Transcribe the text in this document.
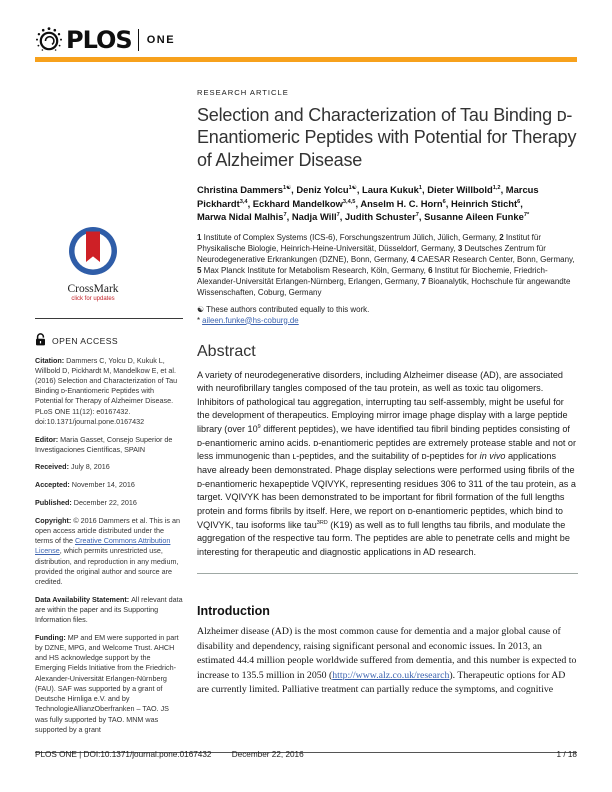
PLOS ONE
CrossMark
click for updates
OPEN ACCESS

Citation: Dammers C, Yolcu D, Kukuk L, Willbold D, Pickhardt M, Mandelkow E, et al. (2016) Selection and Characterization of Tau Binding ᴅ-Enantiomeric Peptides with Potential for Therapy of Alzheimer Disease. PLoS ONE 11(12): e0167432. doi:10.1371/journal.pone.0167432

Editor: Maria Gasset, Consejo Superior de Investigaciones Científicas, SPAIN

Received: July 8, 2016

Accepted: November 14, 2016

Published: December 22, 2016

Copyright: © 2016 Dammers et al. This is an open access article distributed under the terms of the Creative Commons Attribution License, which permits unrestricted use, distribution, and reproduction in any medium, provided the original author and source are credited.

Data Availability Statement: All relevant data are within the paper and its Supporting Information files.

Funding: MP and EM were supported in part by DZNE, MPG, and Welcome Trust. AHCH and HS acknowledge support by the Emerging Fields Initiative from the Friedrich-Alexander-Universität Erlangen-Nürnberg (FAU). SAF was supported by a grant of Deutsche Hirnliga e.V. and by TechnologieAllianzOberfranken – TAO. JS was fully supported by TAO. MNM was supported by a grant

RESEARCH ARTICLE
Selection and Characterization of Tau Binding ᴅ-Enantiomeric Peptides with Potential for Therapy of Alzheimer Disease
Christina Dammers$^{1☯}$, Deniz Yolcu$^{1☯}$, Laura Kukuk$^1$, Dieter Willbold$^{1,2}$, Marcus Pickhardt$^{3,4}$, Eckhard Mandelkow$^{3,4,5}$, Anselm H. C. Horn$^6$, Heinrich Sticht$^6$, Marwa Nidal Malhis$^7$, Nadja Will$^7$, Judith Schuster$^7$, Susanne Aileen Funke$^{7*}$
1 Institute of Complex Systems (ICS-6), Forschungszentrum Jülich, Jülich, Germany, 2 Institut für Physikalische Biologie, Heinrich-Heine-Universität, Düsseldorf, Germany, 3 Deutsches Zentrum für Neurodegenerative Erkrankungen (DZNE), Bonn, Germany, 4 CAESAR Research Center, Bonn, Germany, 5 Max Planck Institute for Metabolism Research, Köln, Germany, 6 Institut für Biochemie, Friedrich-Alexander-Universität Erlangen-Nürnberg, Erlangen, Germany, 7 Bioanalytik, Hochschule für angewandte Wissenschaften, Coburg, Germany
☯ These authors contributed equally to this work.
* aileen.funke@hs-coburg.de
Abstract

A variety of neurodegenerative disorders, including Alzheimer disease (AD), are associated with neurofibrillary tangles composed of the tau protein, as well as toxic tau oligomers. Inhibitors of pathological tau aggregation, interrupting tau self-assembly, might be useful for the development of therapeutics. Employing mirror image phage display with a large peptide library (over $10^9$ different peptides), we have identified tau fibril binding peptides consisting of ᴅ-enantiomeric amino acids. ᴅ-enantiomeric peptides are extremely protease stable and not or less immunogenic than ʟ-peptides, and the suitability of ᴅ-peptides for in vivo applications have already been demonstrated. Phage display selections were performed using fibrils of the ᴅ-enantiomeric hexapeptide VQIVYK, representing residues 306 to 311 of the tau protein, as a target. VQIVYK has been demonstrated to be important for fibril formation of the full lengths protein and forms fibrils by itself. Here, we report on ᴅ-enantiomeric peptides, which bind to VQIVYK, tau isoforms like tau$^{3RD}$ (K19) as well as to full lengths tau fibrils, and modulate the aggregation of the respective tau form. The peptides are able to penetrate cells and might be interesting for therapeutic and diagnostic applications in AD research.

Introduction

Alzheimer disease (AD) is the most common cause for dementia and a major global cause of disability and dependency, raising significant personal and economic issues. In 2013, an estimated 44.4 million people worldwide suffered from dementia, and this number is expected to increase to 135.5 million in 2050 (http://www.alz.co.uk/research). Therapeutic options for AD are currently limited. Palliative treatment can partially reduce the symptoms, and cognitive

PLOS ONE | DOI:10.1371/journal.pone.0167432 December 22, 2016	1 / 18
